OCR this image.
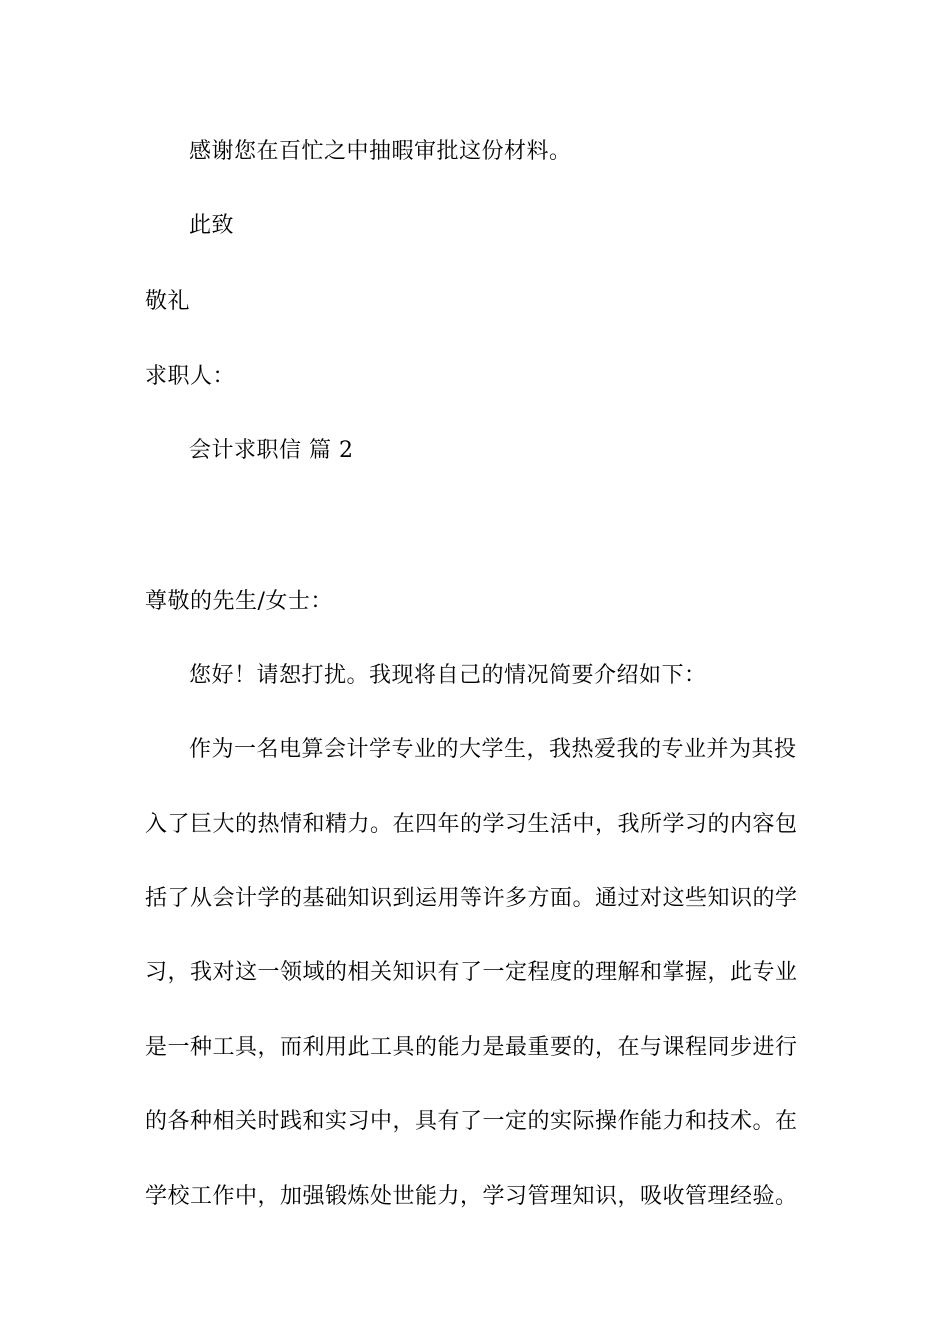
感谢您在百忙之中抽暇审批这份材料。
此致
敬礼
求职人：
会计求职信 篇 2
尊敬的先生/女士：
您好！请恕打扰。我现将自己的情况简要介绍如下：
作为一名电算会计学专业的大学生，我热爱我的专业并为其投
入了巨大的热情和精力。在四年的学习生活中，我所学习的内容包
括了从会计学的基础知识到运用等许多方面。通过对这些知识的学
习，我对这一领域的相关知识有了一定程度的理解和掌握，此专业
是一种工具，而利用此工具的能力是最重要的，在与课程同步进行
的各种相关时践和实习中，具有了一定的实际操作能力和技术。在
学校工作中，加强锻炼处世能力，学习管理知识，吸收管理经验。
